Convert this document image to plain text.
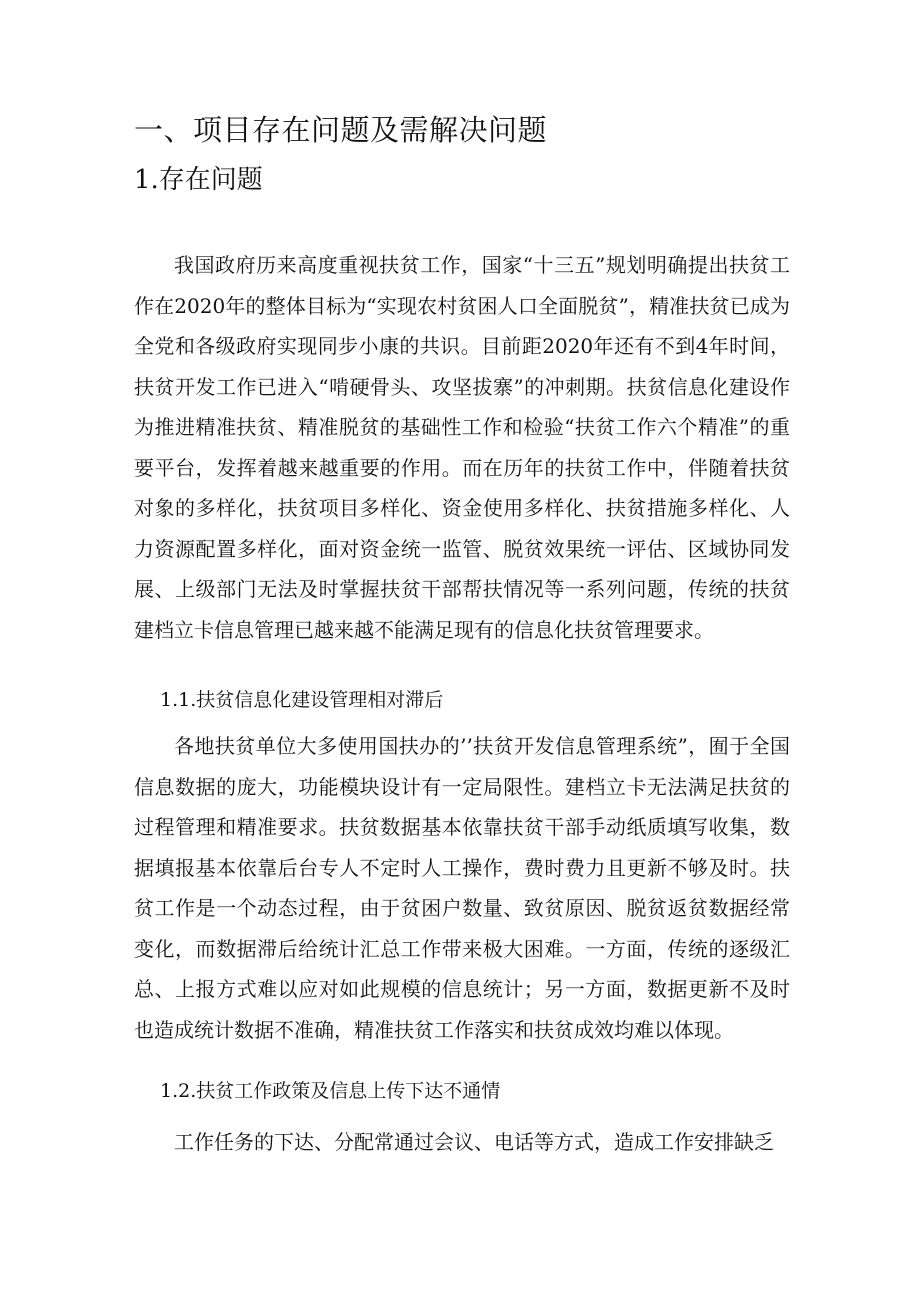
一、项目存在问题及需解决问题
1.存在问题

我国政府历来高度重视扶贫工作，国家“十三五”规划明确提出扶贫工作在2020年的整体目标为“实现农村贫困人口全面脱贫”，精准扶贫已成为全党和各级政府实现同步小康的共识。目前距2020年还有不到4年时间，扶贫开发工作已进入“啃硬骨头、攻坚拔寨”的冲刺期。扶贫信息化建设作为推进精准扶贫、精准脱贫的基础性工作和检验“扶贫工作六个精准”的重要平台，发挥着越来越重要的作用。而在历年的扶贫工作中，伴随着扶贫对象的多样化，扶贫项目多样化、资金使用多样化、扶贫措施多样化、人力资源配置多样化，面对资金统一监管、脱贫效果统一评估、区域协同发展、上级部门无法及时掌握扶贫干部帮扶情况等一系列问题，传统的扶贫建档立卡信息管理已越来越不能满足现有的信息化扶贫管理要求。

1.1.扶贫信息化建设管理相对滞后

各地扶贫单位大多使用国扶办的’’扶贫开发信息管理系统”，囿于全国信息数据的庞大，功能模块设计有一定局限性。建档立卡无法满足扶贫的过程管理和精准要求。扶贫数据基本依靠扶贫干部手动纸质填写收集，数据填报基本依靠后台专人不定时人工操作，费时费力且更新不够及时。扶贫工作是一个动态过程，由于贫困户数量、致贫原因、脱贫返贫数据经常变化，而数据滞后给统计汇总工作带来极大困难。一方面，传统的逐级汇总、上报方式难以应对如此规模的信息统计；另一方面，数据更新不及时也造成统计数据不准确，精准扶贫工作落实和扶贫成效均难以体现。

1.2.扶贫工作政策及信息上传下达不通情

工作任务的下达、分配常通过会议、电话等方式，造成工作安排缺乏
